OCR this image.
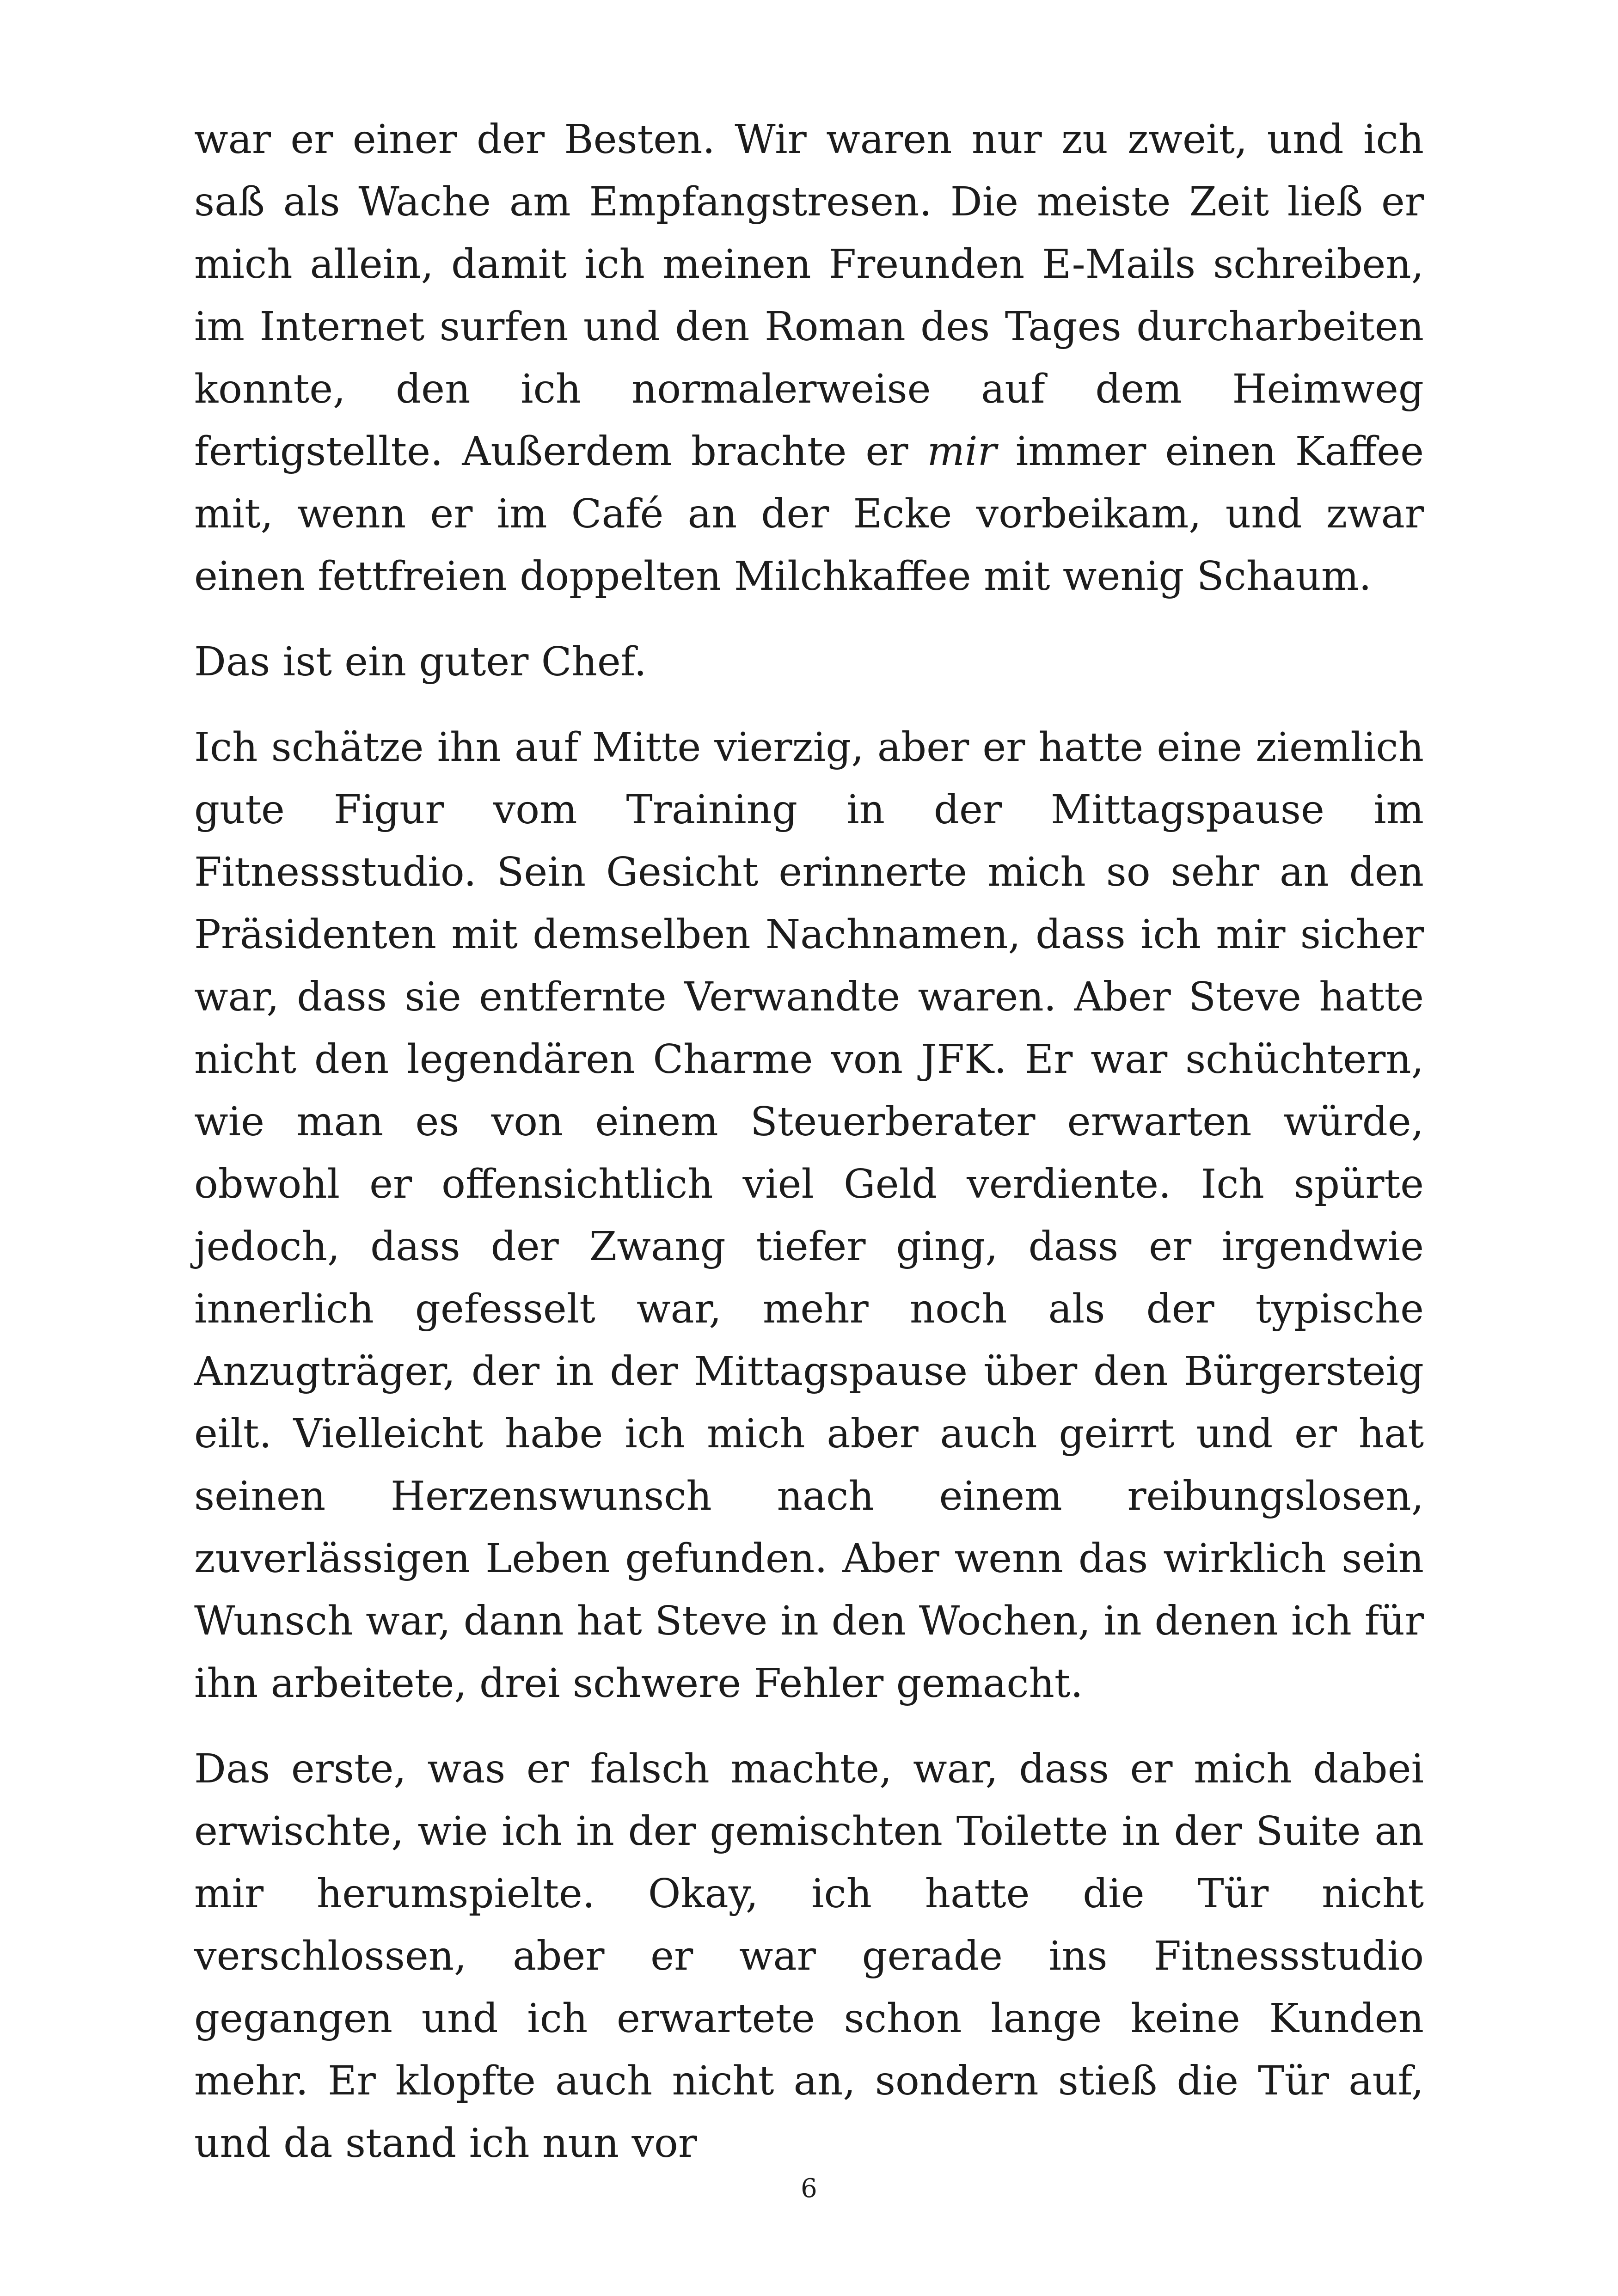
war er einer der Besten. Wir waren nur zu zweit, und ich saß als Wache am Empfangstresen. Die meiste Zeit ließ er mich allein, damit ich meinen Freunden E-Mails schreiben, im Internet surfen und den Roman des Tages durcharbeiten konnte, den ich normalerweise auf dem Heimweg fertigstellte. Außerdem brachte er mir immer einen Kaffee mit, wenn er im Café an der Ecke vorbeikam, und zwar einen fettfreien doppelten Milchkaffee mit wenig Schaum.

Das ist ein guter Chef.

Ich schätze ihn auf Mitte vierzig, aber er hatte eine ziemlich gute Figur vom Training in der Mittagspause im Fitnessstudio. Sein Gesicht erinnerte mich so sehr an den Präsidenten mit demselben Nachnamen, dass ich mir sicher war, dass sie entfernte Verwandte waren. Aber Steve hatte nicht den legendären Charme von JFK. Er war schüchtern, wie man es von einem Steuerberater erwarten würde, obwohl er offensichtlich viel Geld verdiente. Ich spürte jedoch, dass der Zwang tiefer ging, dass er irgendwie innerlich gefesselt war, mehr noch als der typische Anzugträger, der in der Mittagspause über den Bürgersteig eilt. Vielleicht habe ich mich aber auch geirrt und er hat seinen Herzenswunsch nach einem reibungslosen, zuverlässigen Leben gefunden. Aber wenn das wirklich sein Wunsch war, dann hat Steve in den Wochen, in denen ich für ihn arbeitete, drei schwere Fehler gemacht.

Das erste, was er falsch machte, war, dass er mich dabei erwischte, wie ich in der gemischten Toilette in der Suite an mir herumspielte. Okay, ich hatte die Tür nicht verschlossen, aber er war gerade ins Fitnessstudio gegangen und ich erwartete schon lange keine Kunden mehr. Er klopfte auch nicht an, sondern stieß die Tür auf, und da stand ich nun vor

6
